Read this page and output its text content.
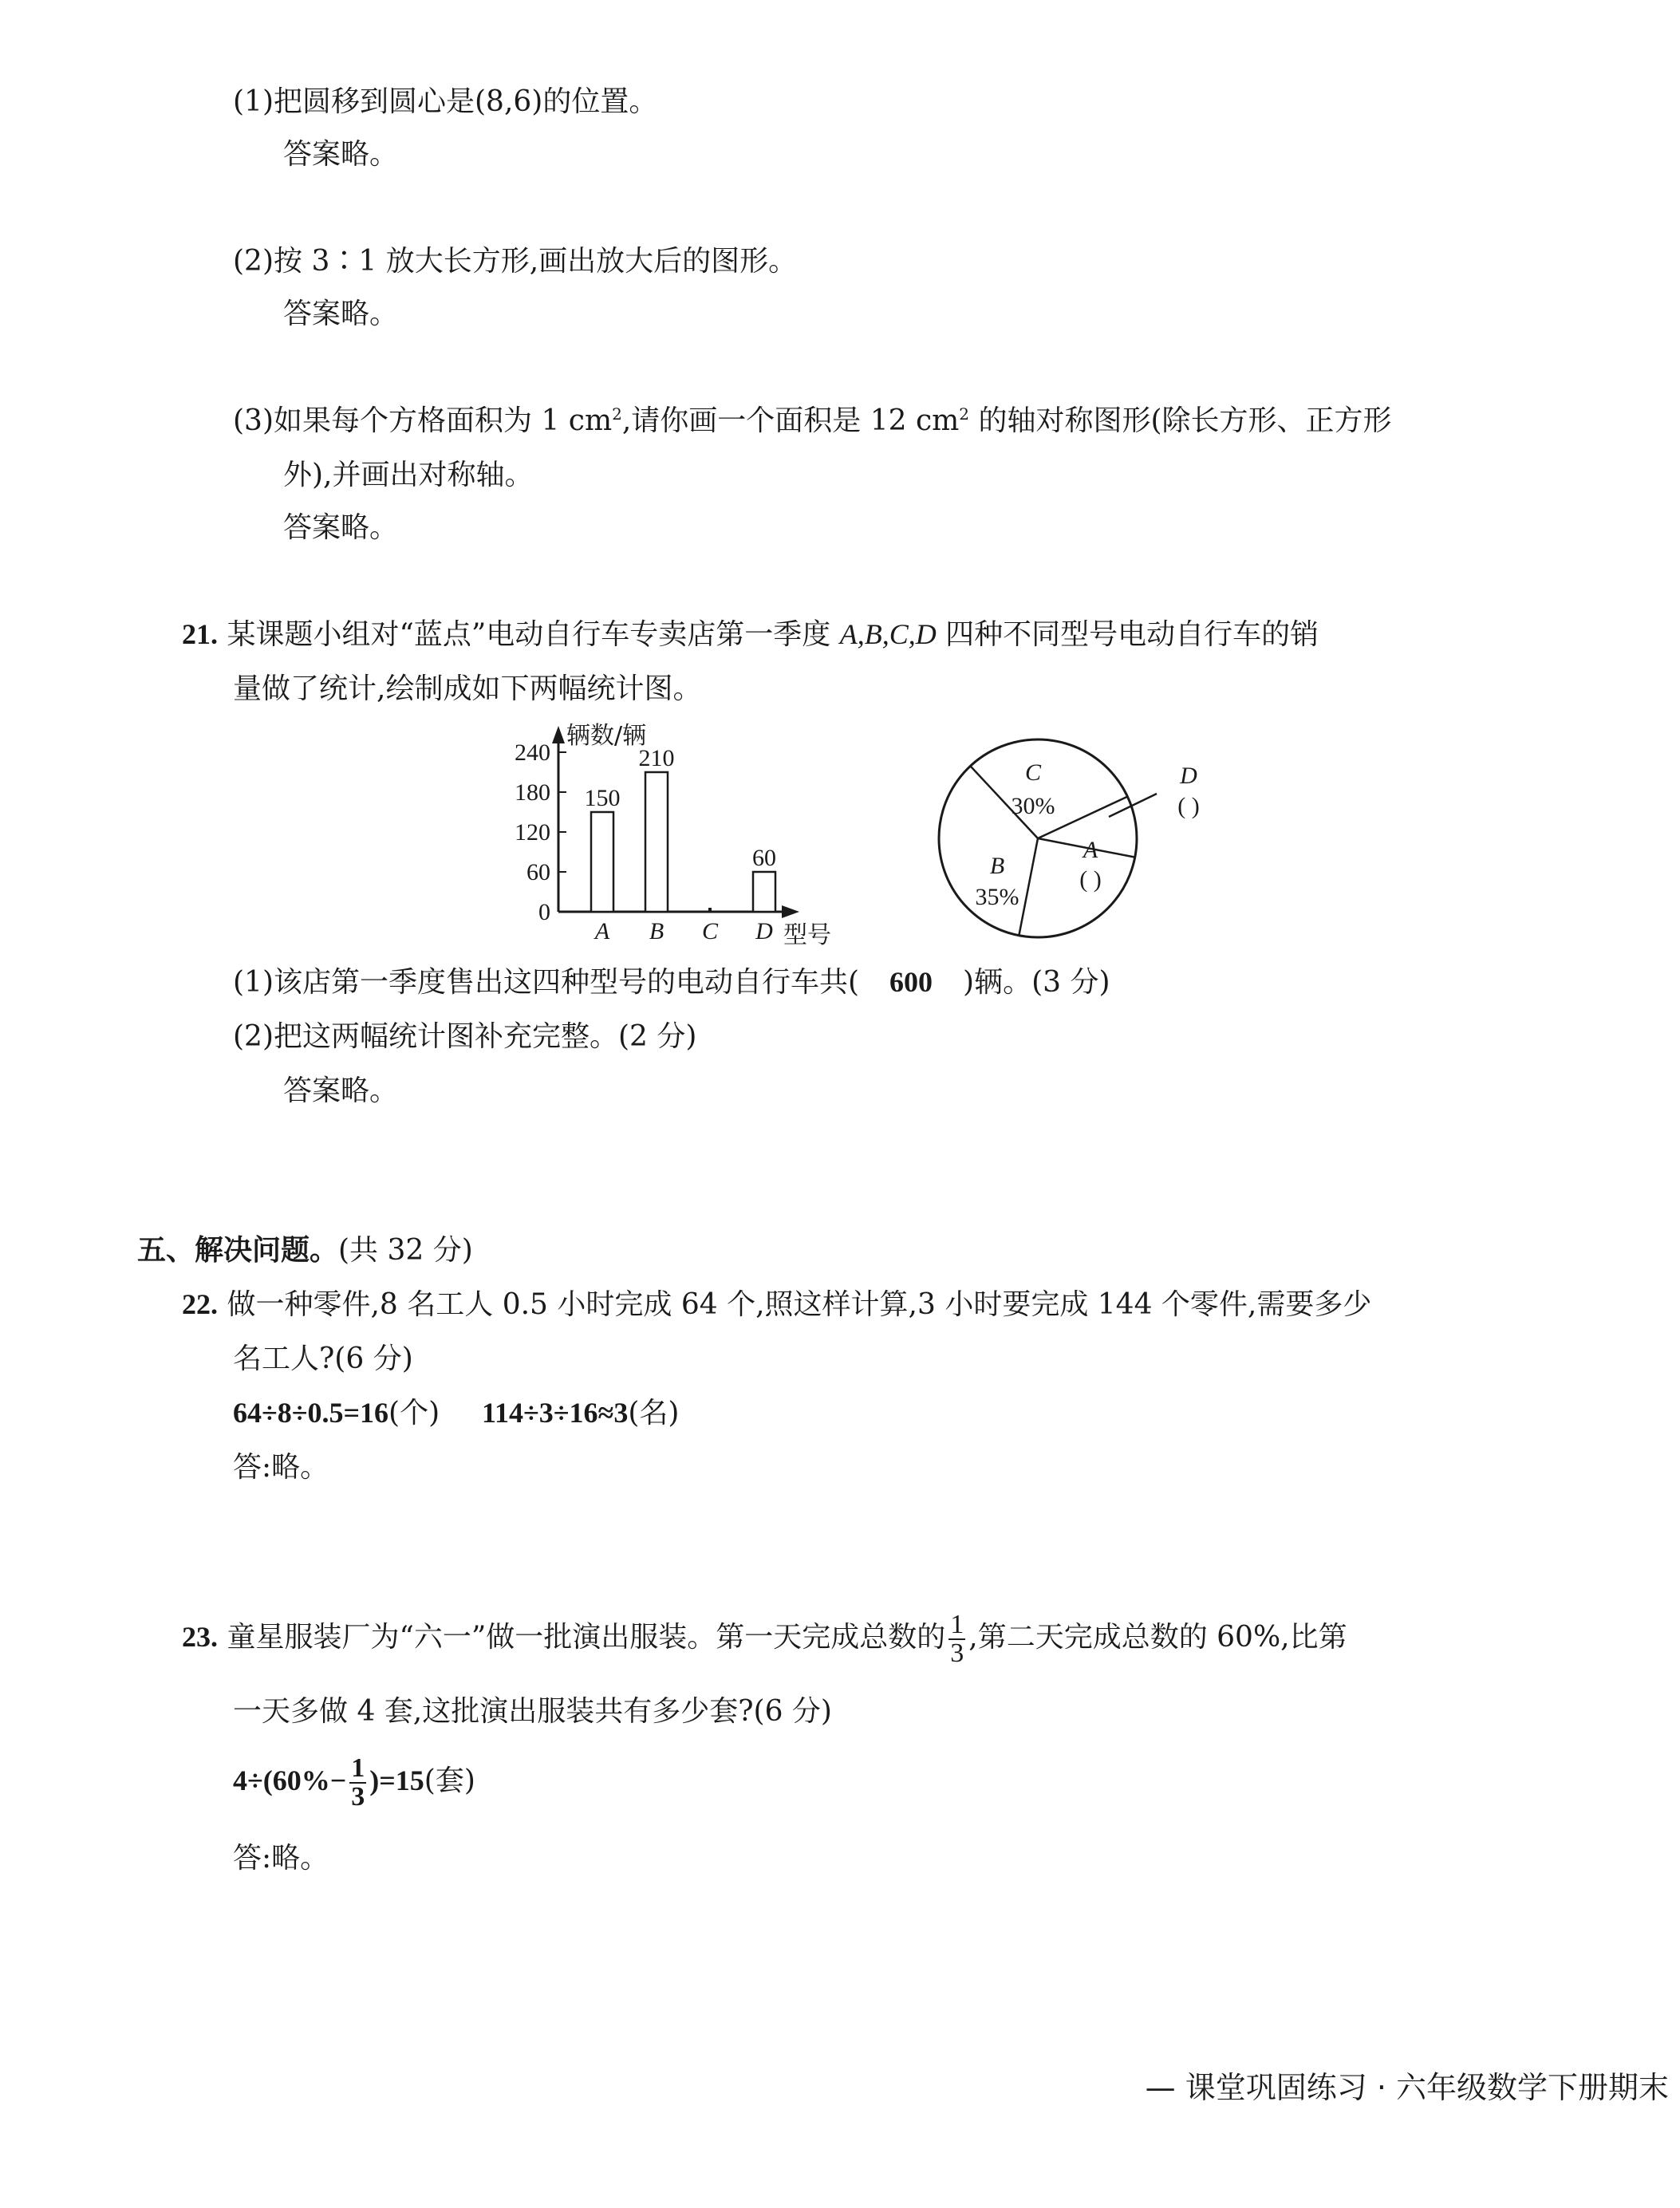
(1)把圆移到圆心是(8,6)的位置。
答案略。
(2)按 3∶1 放大长方形,画出放大后的图形。
答案略。
(3)如果每个方格面积为 1 $cm^2$,请你画一个面积是 12 $cm^2$ 的轴对称图形(除长方形、正方形
外),并画出对称轴。
答案略。
21. 某课题小组对“蓝点”电动自行车专卖店第一季度 A,B,C,D 四种不同型号电动自行车的销
量做了统计,绘制成如下两幅统计图。
辆数/辆
型号
0
60
120
180
240
150
A
210
B C
60
D
C
30%
B
35%
A
( )
D
( )
(1)该店第一季度售出这四种型号的电动自行车共( 600 )辆。(3 分)
(2)把这两幅统计图补充完整。(2 分)
答案略。
五、解决问题。(共 32 分)
22. 做一种零件,8 名工人 0.5 小时完成 64 个,照这样计算,3 小时要完成 144 个零件,需要多少
名工人?(6 分)
64÷8÷0.5=16(个) 114÷3÷16≈3(名)
答:略。
23. 童星服装厂为“六一”做一批演出服装。第一天完成总数的 $\frac{1}{3}$ ,第二天完成总数的 60%,比第
一天多做 4 套,这批演出服装共有多少套?(6 分)
$4\div(60\%- \frac{1}{3} )=15$(套)
答:略。
— 课堂巩固练习 · 六年级数学下册期末
